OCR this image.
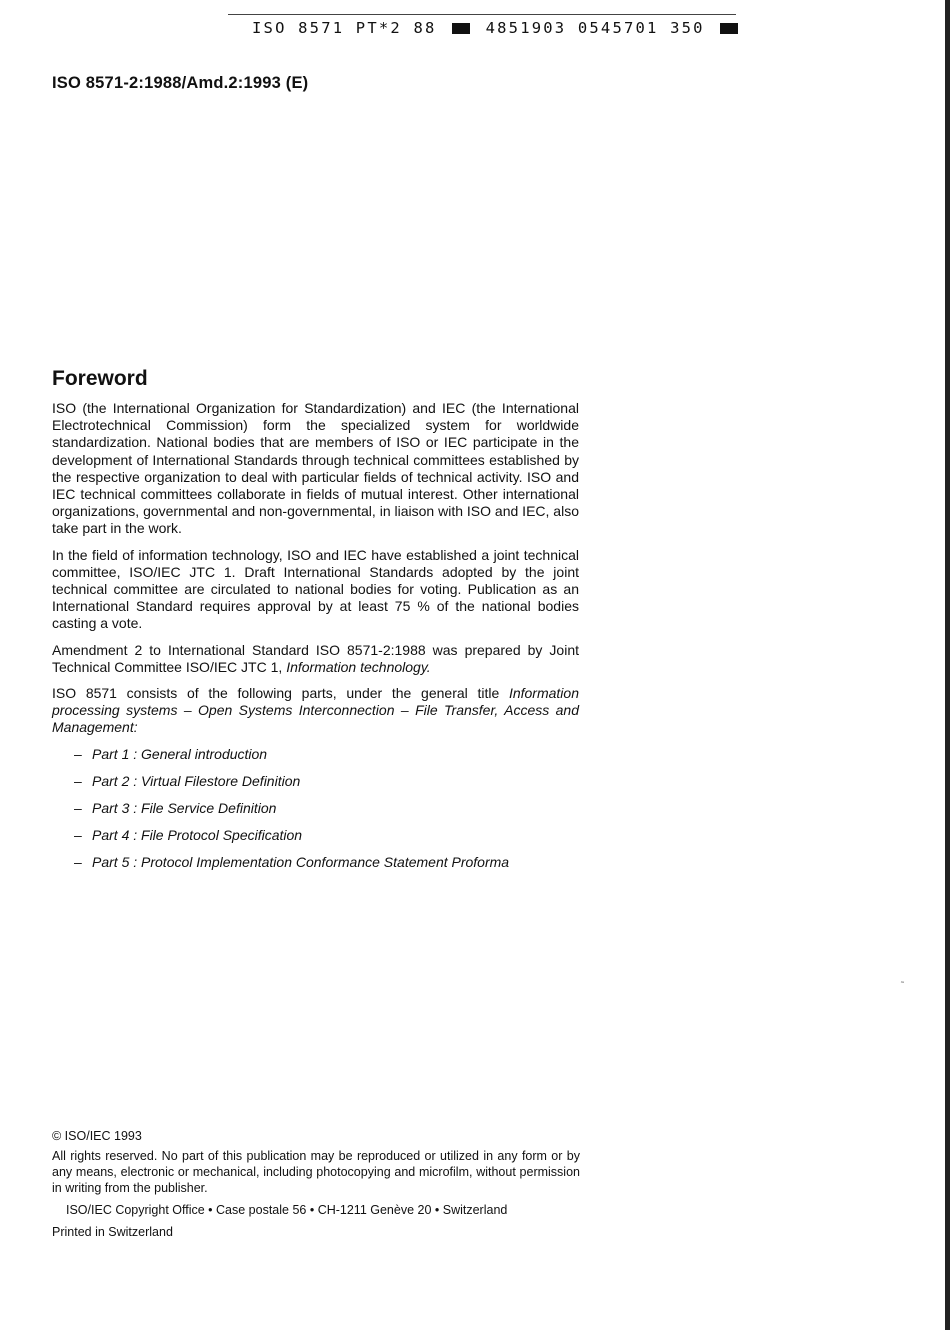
ISO 8571 PT*2 88	4851903 0545701 350
ISO 8571-2:1988/Amd.2:1993 (E)
Foreword

ISO (the International Organization for Standardization) and IEC (the International Electrotechnical Commission) form the specialized system for worldwide standardization. National bodies that are members of ISO or IEC participate in the development of International Standards through technical committees established by the respective organization to deal with particular fields of technical activity. ISO and IEC technical committees collaborate in fields of mutual interest. Other international organizations, governmental and non-governmental, in liaison with ISO and IEC, also take part in the work.

In the field of information technology, ISO and IEC have established a joint technical committee, ISO/IEC JTC 1. Draft International Standards adopted by the joint technical committee are circulated to national bodies for voting. Publication as an International Standard requires approval by at least 75 % of the national bodies casting a vote.

Amendment 2 to International Standard ISO 8571-2:1988 was prepared by Joint Technical Committee ISO/IEC JTC 1, Information technology.

ISO 8571 consists of the following parts, under the general title Information processing systems – Open Systems Interconnection – File Transfer, Access and Management:

– Part 1 : General introduction
– Part 2 : Virtual Filestore Definition
– Part 3 : File Service Definition
– Part 4 : File Protocol Specification
– Part 5 : Protocol Implementation Conformance Statement Proforma

© ISO/IEC 1993

All rights reserved. No part of this publication may be reproduced or utilized in any form or by any means, electronic or mechanical, including photocopying and microfilm, without permission in writing from the publisher.

ISO/IEC Copyright Office • Case postale 56 • CH-1211 Genève 20 • Switzerland

Printed in Switzerland

˜
